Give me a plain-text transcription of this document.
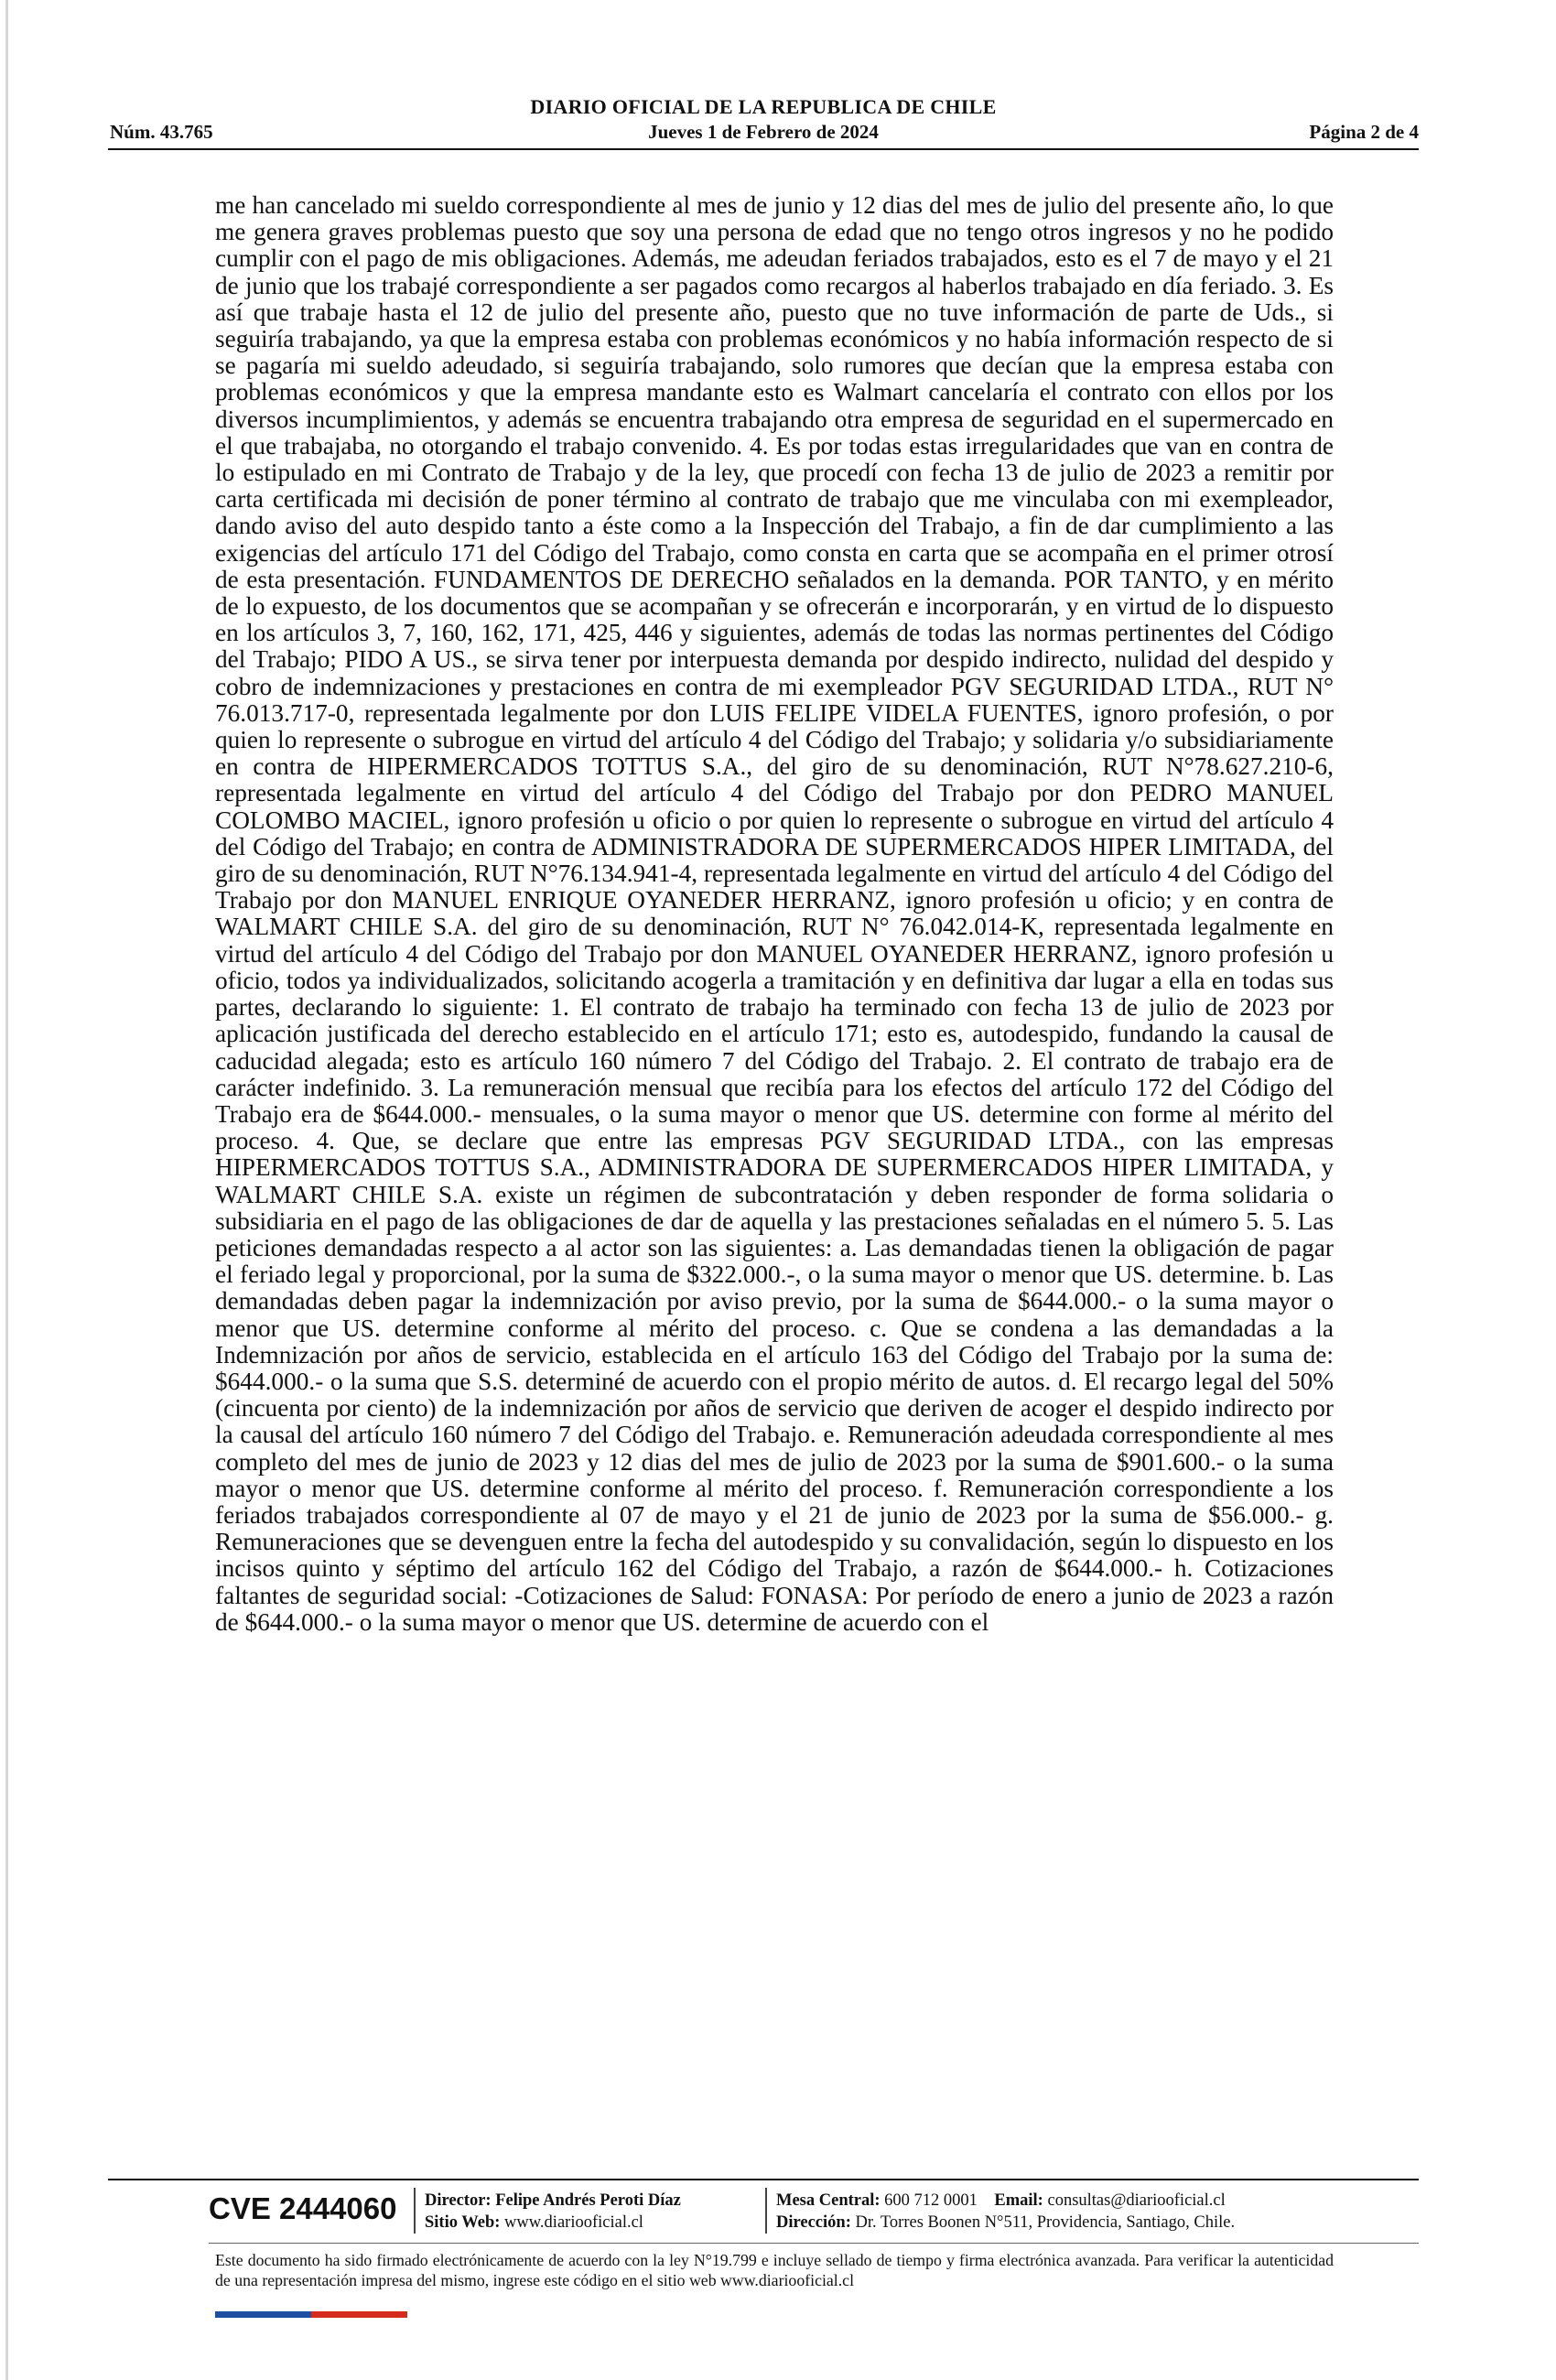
DIARIO OFICIAL DE LA REPUBLICA DE CHILE
Núm. 43.765	Jueves 1 de Febrero de 2024	Página 2 de 4
me han cancelado mi sueldo correspondiente al mes de junio y 12 dias del mes de julio del presente año, lo que me genera graves problemas puesto que soy una persona de edad que no tengo otros ingresos y no he podido cumplir con el pago de mis obligaciones. Además, me adeudan feriados trabajados, esto es el 7 de mayo y el 21 de junio que los trabajé correspondiente a ser pagados como recargos al haberlos trabajado en día feriado. 3. Es así que trabaje hasta el 12 de julio del presente año, puesto que no tuve información de parte de Uds., si seguiría trabajando, ya que la empresa estaba con problemas económicos y no había información respecto de si se pagaría mi sueldo adeudado, si seguiría trabajando, solo rumores que decían que la empresa estaba con problemas económicos y que la empresa mandante esto es Walmart cancelaría el contrato con ellos por los diversos incumplimientos, y además se encuentra trabajando otra empresa de seguridad en el supermercado en el que trabajaba, no otorgando el trabajo convenido. 4. Es por todas estas irregularidades que van en contra de lo estipulado en mi Contrato de Trabajo y de la ley, que procedí con fecha 13 de julio de 2023 a remitir por carta certificada mi decisión de poner término al contrato de trabajo que me vinculaba con mi exempleador, dando aviso del auto despido tanto a éste como a la Inspección del Trabajo, a fin de dar cumplimiento a las exigencias del artículo 171 del Código del Trabajo, como consta en carta que se acompaña en el primer otrosí de esta presentación. FUNDAMENTOS DE DERECHO señalados en la demanda. POR TANTO, y en mérito de lo expuesto, de los documentos que se acompañan y se ofrecerán e incorporarán, y en virtud de lo dispuesto en los artículos 3, 7, 160, 162, 171, 425, 446 y siguientes, además de todas las normas pertinentes del Código del Trabajo; PIDO A US., se sirva tener por interpuesta demanda por despido indirecto, nulidad del despido y cobro de indemnizaciones y prestaciones en contra de mi exempleador PGV SEGURIDAD LTDA., RUT N° 76.013.717-0, representada legalmente por don LUIS FELIPE VIDELA FUENTES, ignoro profesión, o por quien lo represente o subrogue en virtud del artículo 4 del Código del Trabajo; y solidaria y/o subsidiariamente en contra de HIPERMERCADOS TOTTUS S.A., del giro de su denominación, RUT N°78.627.210-6, representada legalmente en virtud del artículo 4 del Código del Trabajo por don PEDRO MANUEL COLOMBO MACIEL, ignoro profesión u oficio o por quien lo represente o subrogue en virtud del artículo 4 del Código del Trabajo; en contra de ADMINISTRADORA DE SUPERMERCADOS HIPER LIMITADA, del giro de su denominación, RUT N°76.134.941-4, representada legalmente en virtud del artículo 4 del Código del Trabajo por don MANUEL ENRIQUE OYANEDER HERRANZ, ignoro profesión u oficio; y en contra de WALMART CHILE S.A. del giro de su denominación, RUT N° 76.042.014-K, representada legalmente en virtud del artículo 4 del Código del Trabajo por don MANUEL OYANEDER HERRANZ, ignoro profesión u oficio, todos ya individualizados, solicitando acogerla a tramitación y en definitiva dar lugar a ella en todas sus partes, declarando lo siguiente: 1. El contrato de trabajo ha terminado con fecha 13 de julio de 2023 por aplicación justificada del derecho establecido en el artículo 171; esto es, autodespido, fundando la causal de caducidad alegada; esto es artículo 160 número 7 del Código del Trabajo. 2. El contrato de trabajo era de carácter indefinido. 3. La remuneración mensual que recibía para los efectos del artículo 172 del Código del Trabajo era de $644.000.- mensuales, o la suma mayor o menor que US. determine con forme al mérito del proceso. 4. Que, se declare que entre las empresas PGV SEGURIDAD LTDA., con las empresas HIPERMERCADOS TOTTUS S.A., ADMINISTRADORA DE SUPERMERCADOS HIPER LIMITADA, y WALMART CHILE S.A. existe un régimen de subcontratación y deben responder de forma solidaria o subsidiaria en el pago de las obligaciones de dar de aquella y las prestaciones señaladas en el número 5. 5. Las peticiones demandadas respecto a al actor son las siguientes: a. Las demandadas tienen la obligación de pagar el feriado legal y proporcional, por la suma de $322.000.-, o la suma mayor o menor que US. determine. b. Las demandadas deben pagar la indemnización por aviso previo, por la suma de $644.000.- o la suma mayor o menor que US. determine conforme al mérito del proceso. c. Que se condena a las demandadas a la Indemnización por años de servicio, establecida en el artículo 163 del Código del Trabajo por la suma de: $644.000.- o la suma que S.S. determiné de acuerdo con el propio mérito de autos. d. El recargo legal del 50% (cincuenta por ciento) de la indemnización por años de servicio que deriven de acoger el despido indirecto por la causal del artículo 160 número 7 del Código del Trabajo. e. Remuneración adeudada correspondiente al mes completo del mes de junio de 2023 y 12 dias del mes de julio de 2023 por la suma de $901.600.- o la suma mayor o menor que US. determine conforme al mérito del proceso. f. Remuneración correspondiente a los feriados trabajados correspondiente al 07 de mayo y el 21 de junio de 2023 por la suma de $56.000.- g. Remuneraciones que se devenguen entre la fecha del autodespido y su convalidación, según lo dispuesto en los incisos quinto y séptimo del artículo 162 del Código del Trabajo, a razón de $644.000.- h. Cotizaciones faltantes de seguridad social: -Cotizaciones de Salud: FONASA: Por período de enero a junio de 2023 a razón de $644.000.- o la suma mayor o menor que US. determine de acuerdo con el
CVE 2444060 Director: Felipe Andrés Peroti Díaz
Sitio Web: www.diariooficial.cl
Mesa Central: 600 712 0001 Email: consultas@diariooficial.cl
Dirección: Dr. Torres Boonen N°511, Providencia, Santiago, Chile.
Este documento ha sido firmado electrónicamente de acuerdo con la ley N°19.799 e incluye sellado de tiempo y firma electrónica avanzada. Para verificar la autenticidad de una representación impresa del mismo, ingrese este código en el sitio web www.diariooficial.cl
